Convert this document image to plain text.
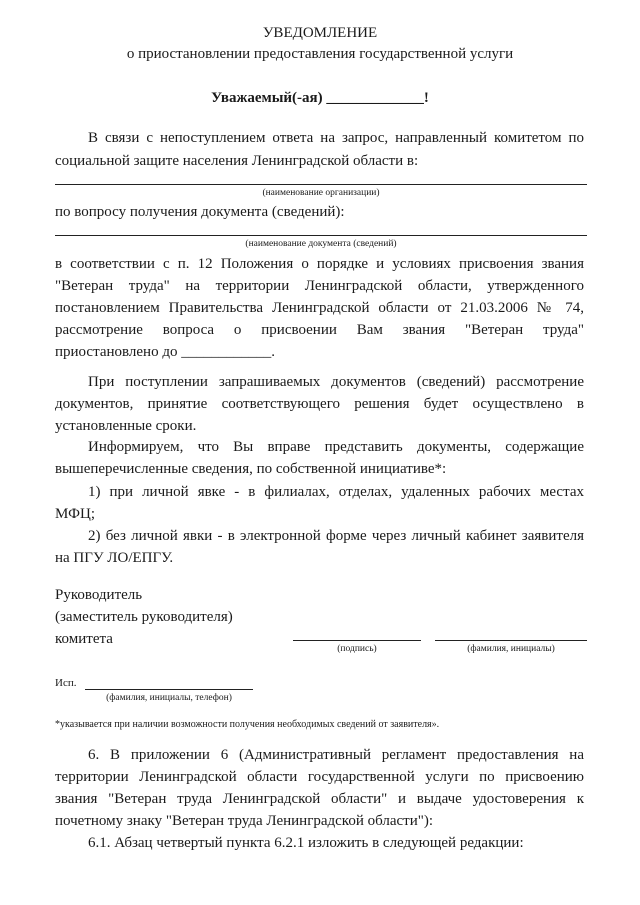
УВЕДОМЛЕНИЕ
о приостановлении предоставления государственной услуги
Уважаемый(-ая) _____________!
В связи с непоступлением ответа на запрос, направленный комитетом по
социальной защите населения Ленинградской области в:
(наименование организации)
по вопросу получения документа (сведений):
(наименование документа (сведений)
в соответствии с п. 12 Положения о порядке и условиях присвоения звания
"Ветеран труда" на территории Ленинградской области, утвержденного
постановлением Правительства Ленинградской области от 21.03.2006 № 74,
рассмотрение вопроса о присвоении Вам звания "Ветеран труда"
приостановлено до ____________.
При поступлении запрашиваемых документов (сведений) рассмотрение
документов, принятие соответствующего решения будет осуществлено в
установленные сроки.
Информируем, что Вы вправе представить документы, содержащие
вышеперечисленные сведения, по собственной инициативе*:
1) при личной явке - в филиалах, отделах, удаленных рабочих местах
МФЦ;
2) без личной явки - в электронной форме через личный кабинет заявителя
на ПГУ ЛО/ЕПГУ.
Руководитель
(заместитель руководителя)
комитета
(подпись)	(фамилия, инициалы)
Исп.
(фамилия, инициалы, телефон)
*указывается при наличии возможности получения необходимых сведений от заявителя».
6. В приложении 6 (Административный регламент предоставления на
территории Ленинградской области государственной услуги по присвоению
звания "Ветеран труда Ленинградской области" и выдаче удостоверения к
почетному знаку "Ветеран труда Ленинградской области"):
6.1. Абзац четвертый пункта 6.2.1 изложить в следующей редакции:
